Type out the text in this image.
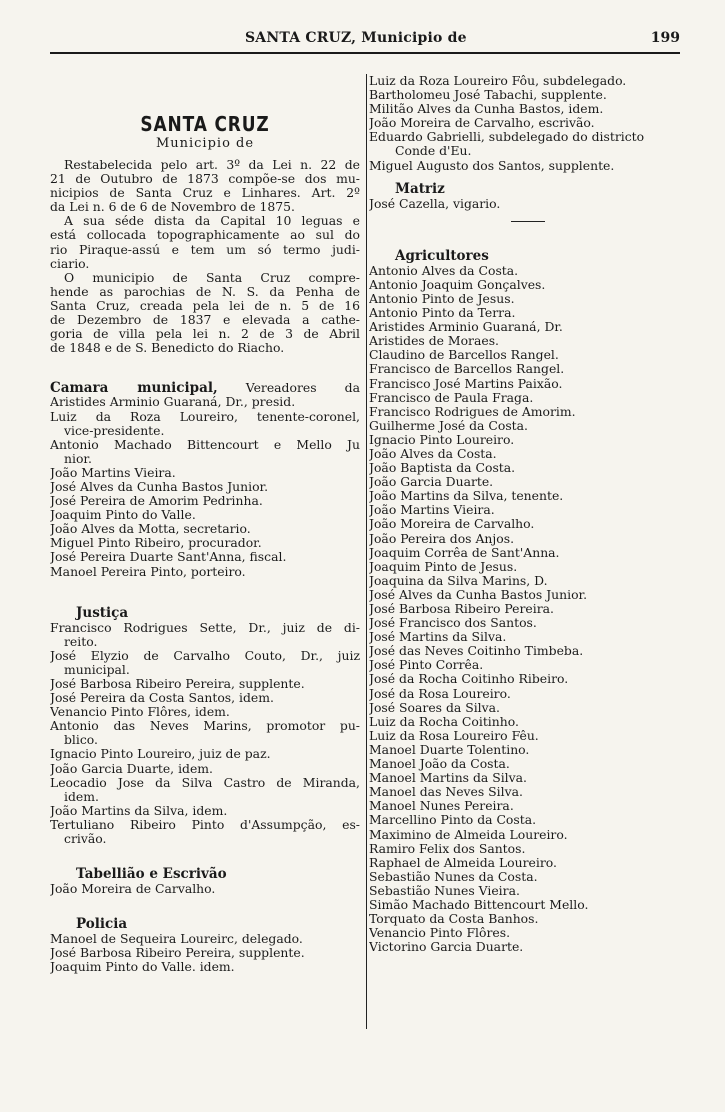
SANTA CRUZ, Municipio de	199
SANTA CRUZ
Municipio de
Restabelecida pelo art. 3º da Lei n. 22 de
21 de Outubro de 1873 compõe-se dos mu-
nicipios de Santa Cruz e Linhares. Art. 2º
da Lei n. 6 de 6 de Novembro de 1875.
A sua séde dista da Capital 10 leguas e
está collocada topographicamente ao sul do
rio Piraque-assú e tem um só termo judi-
ciario.
O municipio de Santa Cruz compre-
hende as parochias de N. S. da Penha de
Santa Cruz, creada pela lei de n. 5 de 16
de Dezembro de 1837 e elevada a cathe-
goria de villa pela lei n. 2 de 3 de Abril
de 1848 e de S. Benedicto do Riacho.
Camara municipal, Vereadores da
Aristides Arminio Guaraná, Dr., presid.
Luiz da Roza Loureiro, tenente-coronel,
vice-presidente.
Antonio Machado Bittencourt e Mello Ju
nior.
João Martins Vieira.
José Alves da Cunha Bastos Junior.
José Pereira de Amorim Pedrinha.
Joaquim Pinto do Valle.
João Alves da Motta, secretario.
Miguel Pinto Ribeiro, procurador.
José Pereira Duarte Sant'Anna, fiscal.
Manoel Pereira Pinto, porteiro.
Justiça
Francisco Rodrigues Sette, Dr., juiz de di-
reito.
José Elyzio de Carvalho Couto, Dr., juiz
municipal.
José Barbosa Ribeiro Pereira, supplente.
José Pereira da Costa Santos, idem.
Venancio Pinto Flôres, idem.
Antonio das Neves Marins, promotor pu-
blico.
Ignacio Pinto Loureiro, juiz de paz.
João Garcia Duarte, idem.
Leocadio Jose da Silva Castro de Miranda,
idem.
João Martins da Silva, idem.
Tertuliano Ribeiro Pinto d'Assumpção, es-
crivão.
Tabellião e Escrivão
João Moreira de Carvalho.
Policia
Manoel de Sequeira Loureirc, delegado.
José Barbosa Ribeiro Pereira, supplente.
Joaquim Pinto do Valle. idem.
Luiz da Roza Loureiro Fôu, subdelegado.
Bartholomeu José Tabachi, supplente.
Militão Alves da Cunha Bastos, idem.
João Moreira de Carvalho, escrivão.
Eduardo Gabrielli, subdelegado do districto
Conde d'Eu.
Miguel Augusto dos Santos, supplente.
Matriz
José Cazella, vigario.
Agricultores
Antonio Alves da Costa.
Antonio Joaquim Gonçalves.
Antonio Pinto de Jesus.
Antonio Pinto da Terra.
Aristides Arminio Guaraná, Dr.
Aristides de Moraes.
Claudino de Barcellos Rangel.
Francisco de Barcellos Rangel.
Francisco José Martins Paixão.
Francisco de Paula Fraga.
Francisco Rodrigues de Amorim.
Guilherme José da Costa.
Ignacio Pinto Loureiro.
João Alves da Costa.
João Baptista da Costa.
João Garcia Duarte.
João Martins da Silva, tenente.
João Martins Vieira.
João Moreira de Carvalho.
João Pereira dos Anjos.
Joaquim Corrêa de Sant'Anna.
Joaquim Pinto de Jesus.
Joaquina da Silva Marins, D.
José Alves da Cunha Bastos Junior.
José Barbosa Ribeiro Pereira.
José Francisco dos Santos.
José Martins da Silva.
José das Neves Coitinho Timbeba.
José Pinto Corrêa.
José da Rocha Coitinho Ribeiro.
José da Rosa Loureiro.
José Soares da Silva.
Luiz da Rocha Coitinho.
Luiz da Rosa Loureiro Fêu.
Manoel Duarte Tolentino.
Manoel João da Costa.
Manoel Martins da Silva.
Manoel das Neves Silva.
Manoel Nunes Pereira.
Marcellino Pinto da Costa.
Maximino de Almeida Loureiro.
Ramiro Felix dos Santos.
Raphael de Almeida Loureiro.
Sebastião Nunes da Costa.
Sebastião Nunes Vieira.
Simão Machado Bittencourt Mello.
Torquato da Costa Banhos.
Venancio Pinto Flôres.
Victorino Garcia Duarte.
